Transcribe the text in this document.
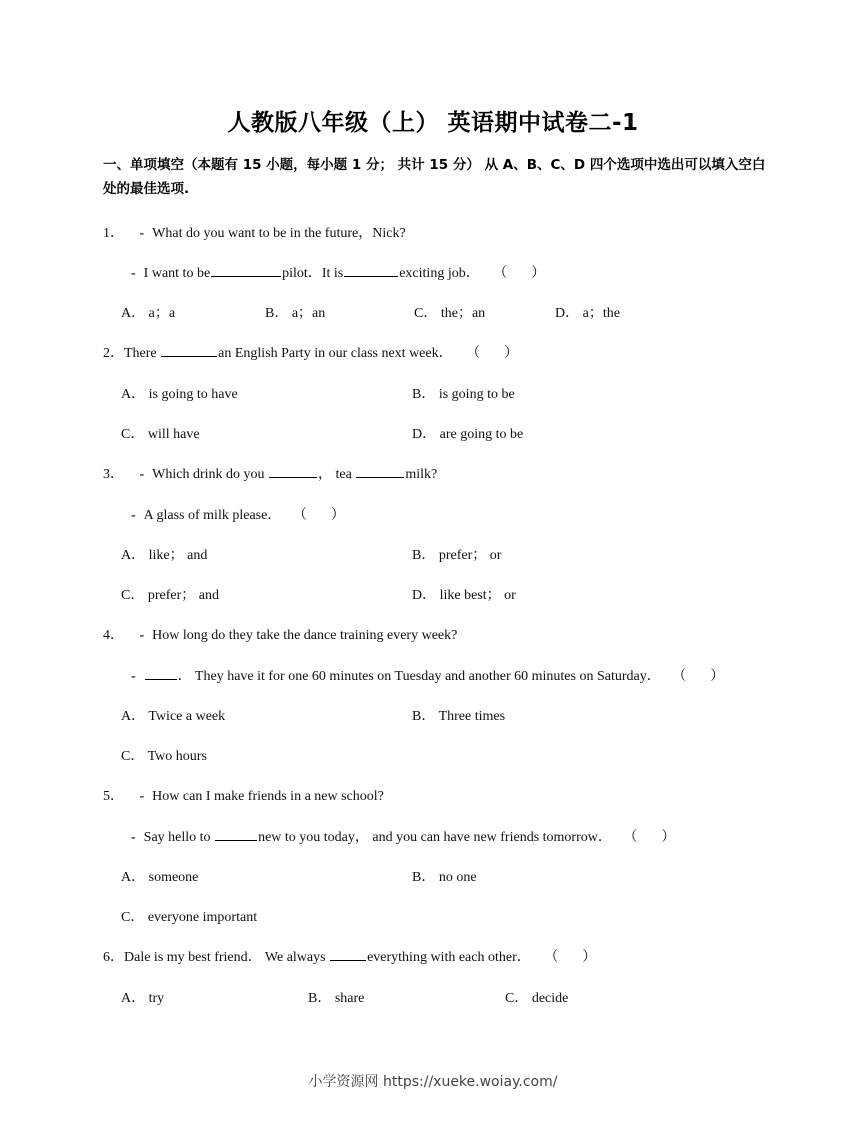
人教版八年级（上） 英语期中试卷二-1
一、单项填空（本题有 15 小题，每小题 1 分； 共计 15 分） 从 A、B、C、D 四个选项中选出可以填入空白处的最佳选项.
1． - What do you want to be in the future，Nick?
- I want to be	pilot．It is	exciting job． （ ）
A． a；a	B． a；an	C． the；an	D． a；the
2．There	an English Party in our class next week． （ ）
A． is going to have	B． is going to be
C． will have	D． are going to be
3． - Which drink do you	， tea	milk?
- A glass of milk please． （ ）
A． like； and	B． prefer； or
C． prefer； and	D． like best； or
4． - How long do they take the dance training every week?
-	． They have it for one 60 minutes on Tuesday and another 60 minutes on Saturday． （ ）
A． Twice a week	B． Three times
C． Two hours
5． - How can I make friends in a new school?
- Say hello to	new to you today， and you can have new friends tomorrow． （ ）
A． someone	B． no one
C． everyone important
6．Dale is my best friend． We always	everything with each other． （ ）
A． try	B． share	C． decide
小学资源网 https://xueke.woiay.com/
